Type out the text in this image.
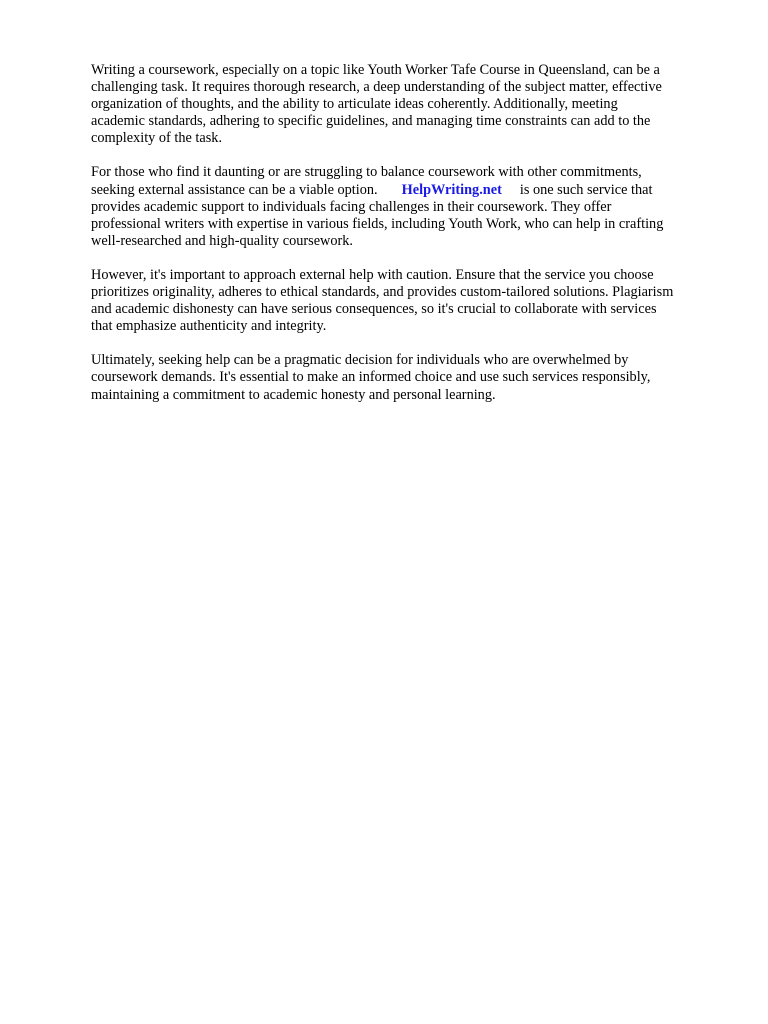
Writing a coursework, especially on a topic like Youth Worker Tafe Course in Queensland, can be a
challenging task. It requires thorough research, a deep understanding of the subject matter, effective
organization of thoughts, and the ability to articulate ideas coherently. Additionally, meeting
academic standards, adhering to specific guidelines, and managing time constraints can add to the
complexity of the task.

For those who find it daunting or are struggling to balance coursework with other commitments,
seeking external assistance can be a viable option. HelpWriting.net is one such service that
provides academic support to individuals facing challenges in their coursework. They offer
professional writers with expertise in various fields, including Youth Work, who can help in crafting
well-researched and high-quality coursework.

However, it's important to approach external help with caution. Ensure that the service you choose
prioritizes originality, adheres to ethical standards, and provides custom-tailored solutions. Plagiarism
and academic dishonesty can have serious consequences, so it's crucial to collaborate with services
that emphasize authenticity and integrity.

Ultimately, seeking help can be a pragmatic decision for individuals who are overwhelmed by
coursework demands. It's essential to make an informed choice and use such services responsibly,
maintaining a commitment to academic honesty and personal learning.
